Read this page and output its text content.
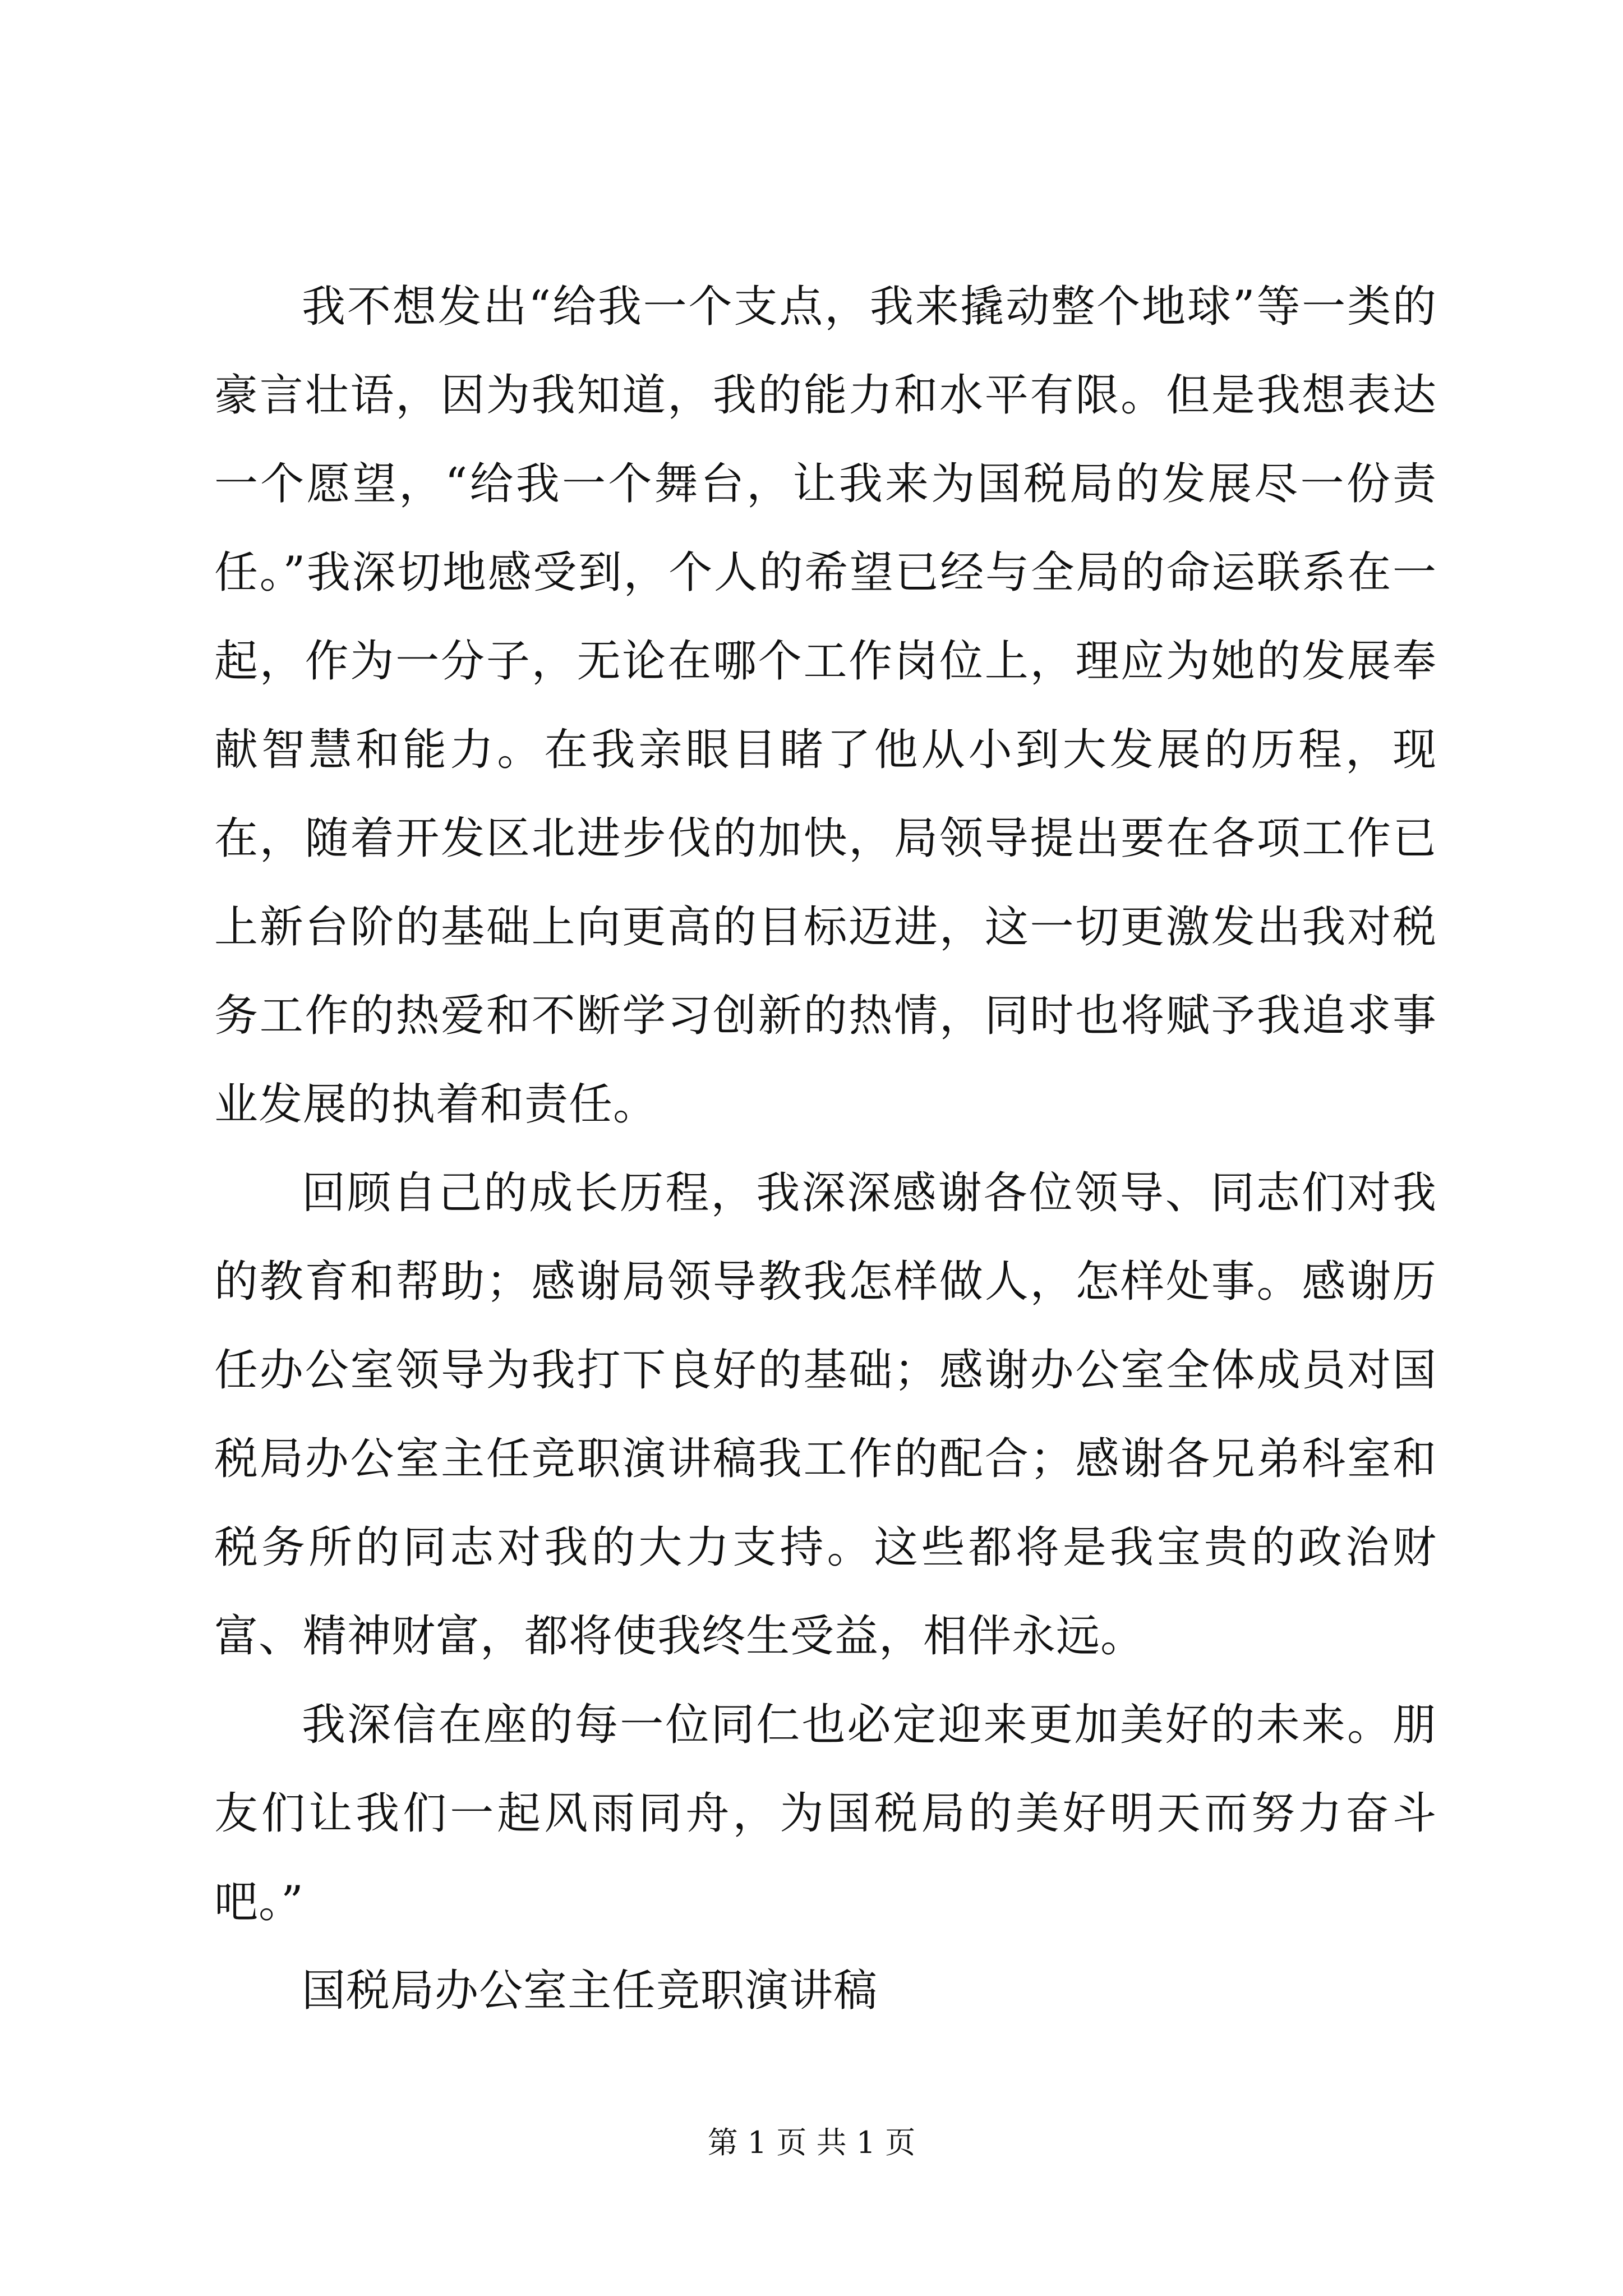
我不想发出“给我一个支点，我来撬动整个地球”等一类的豪言壮语，因为我知道，我的能力和水平有限。但是我想表达一个愿望，“给我一个舞台，让我来为国税局的发展尽一份责任。”我深切地感受到，个人的希望已经与全局的命运联系在一起，作为一分子，无论在哪个工作岗位上，理应为她的发展奉献智慧和能力。在我亲眼目睹了他从小到大发展的历程，现在，随着开发区北进步伐的加快，局领导提出要在各项工作已上新台阶的基础上向更高的目标迈进，这一切更激发出我对税务工作的热爱和不断学习创新的热情，同时也将赋予我追求事业发展的执着和责任。

回顾自己的成长历程，我深深感谢各位领导、同志们对我的教育和帮助；感谢局领导教我怎样做人，怎样处事。感谢历任办公室领导为我打下良好的基础；感谢办公室全体成员对国税局办公室主任竞职演讲稿我工作的配合；感谢各兄弟科室和税务所的同志对我的大力支持。这些都将是我宝贵的政治财富、精神财富，都将使我终生受益，相伴永远。

我深信在座的每一位同仁也必定迎来更加美好的未来。朋友们让我们一起风雨同舟，为国税局的美好明天而努力奋斗吧。”

国税局办公室主任竞职演讲稿

第 1 页 共 1 页
